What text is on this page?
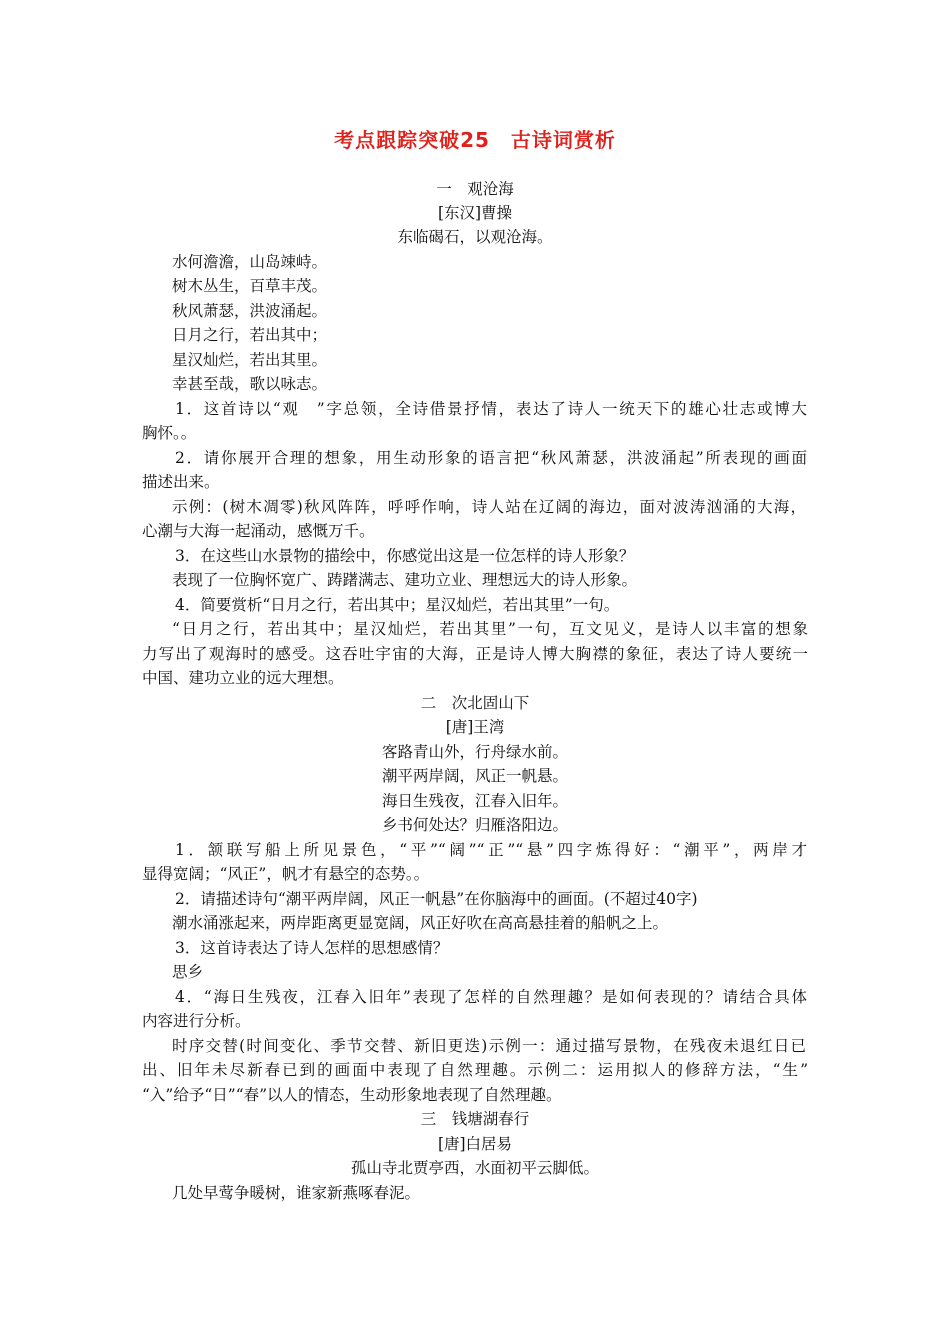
考点跟踪突破25　古诗词赏析
一　观沧海
[东汉]曹操
东临碣石，以观沧海。
水何澹澹，山岛竦峙。
树木丛生，百草丰茂。
秋风萧瑟，洪波涌起。
日月之行，若出其中；
星汉灿烂，若出其里。
幸甚至哉，歌以咏志。
1．这首诗以“观　”字总领，全诗借景抒情，表达了诗人一统天下的雄心壮志或博大
胸怀。。
2．请你展开合理的想象，用生动形象的语言把“秋风萧瑟，洪波涌起”所表现的画面
描述出来。
示例：(树木凋零)秋风阵阵，呼呼作响，诗人站在辽阔的海边，面对波涛汹涌的大海，
心潮与大海一起涌动，感慨万千。
3．在这些山水景物的描绘中，你感觉出这是一位怎样的诗人形象？
表现了一位胸怀宽广、踌躇满志、建功立业、理想远大的诗人形象。
4．简要赏析“日月之行，若出其中；星汉灿烂，若出其里”一句。
“日月之行，若出其中；星汉灿烂，若出其里”一句，互文见义，是诗人以丰富的想象
力写出了观海时的感受。这吞吐宇宙的大海，正是诗人博大胸襟的象征，表达了诗人要统一
中国、建功立业的远大理想。
二　次北固山下
[唐]王湾
客路青山外，行舟绿水前。
潮平两岸阔，风正一帆悬。
海日生残夜，江春入旧年。
乡书何处达？归雁洛阳边。
1．颔联写船上所见景色，“平”“阔”“正”“悬”四字炼得好：“潮平”，两岸才
显得宽阔；“风正”，帆才有悬空的态势。。
2．请描述诗句“潮平两岸阔，风正一帆悬”在你脑海中的画面。(不超过40字)
潮水涌涨起来，两岸距离更显宽阔，风正好吹在高高悬挂着的船帆之上。
3．这首诗表达了诗人怎样的思想感情？
思乡
4．“海日生残夜，江春入旧年”表现了怎样的自然理趣？是如何表现的？请结合具体
内容进行分析。
时序交替(时间变化、季节交替、新旧更迭)示例一：通过描写景物，在残夜未退红日已
出、旧年未尽新春已到的画面中表现了自然理趣。示例二：运用拟人的修辞方法，“生”
“入”给予“日”“春”以人的情态，生动形象地表现了自然理趣。
三　钱塘湖春行
[唐]白居易
孤山寺北贾亭西，水面初平云脚低。
几处早莺争暖树，谁家新燕啄春泥。
